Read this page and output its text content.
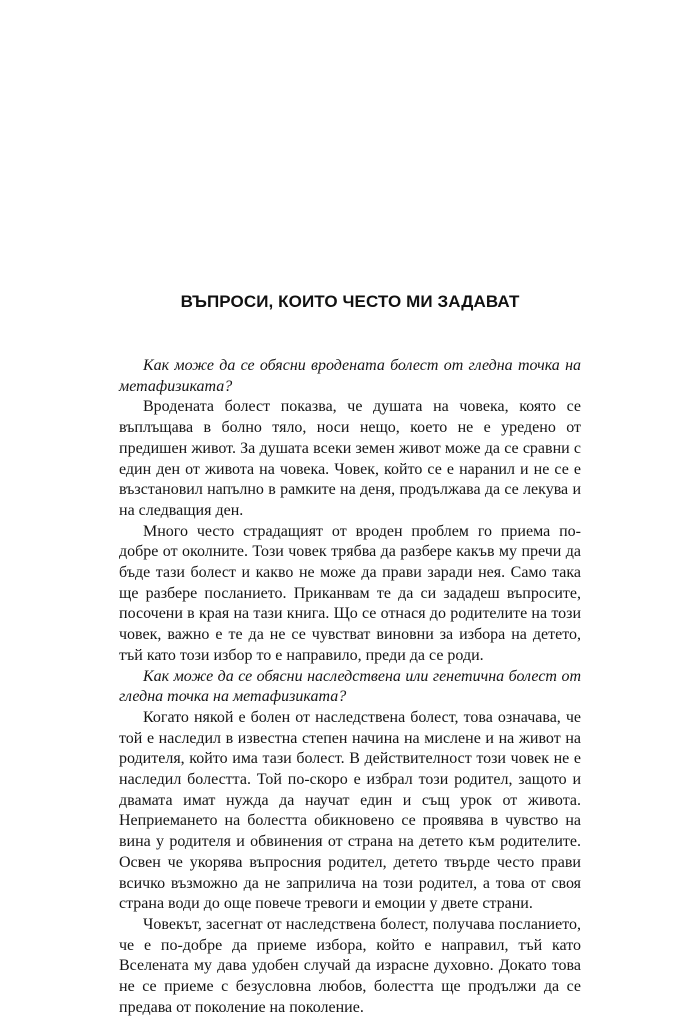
ВЪПРОСИ, КОИТО ЧЕСТО МИ ЗАДАВАТ

Как може да се обясни вродената болест от гледна точка на метафизиката?

Вродената болест показва, че душата на човека, която се въплъщава в болно тяло, носи нещо, което не е уредено от предишен живот. За душата всеки земен живот може да се сравни с един ден от живота на човека. Човек, който се е наранил и не се е възстановил напълно в рамките на деня, продължава да се лекува и на следващия ден.

Много често страдащият от вроден проблем го приема по-добре от околните. Този човек трябва да разбере какъв му пречи да бъде тази болест и какво не може да прави заради нея. Само така ще разбере посланието. Приканвам те да си зададеш въпросите, посочени в края на тази книга. Що се отнася до родителите на този човек, важно е те да не се чувстват виновни за избора на детето, тъй като този избор то е направило, преди да се роди.

Как може да се обясни наследствена или генетична болест от гледна точка на метафизиката?

Когато някой е болен от наследствена болест, това означава, че той е наследил в известна степен начина на мислене и на живот на родителя, който има тази болест. В действителност този човек не е наследил болестта. Той по-скоро е избрал този родител, защото и двамата имат нужда да научат един и същ урок от живота. Неприемането на болестта обикновено се проявява в чувство на вина у родителя и обвинения от страна на детето към родителите. Освен че укорява въпросния родител, детето твърде често прави всичко възможно да не заприлича на този родител, а това от своя страна води до още повече тревоги и емоции у двете страни.

Човекът, засегнат от наследствена болест, получава посланието, че е по-добре да приеме избора, който е направил, тъй като Вселената му дава удобен случай да израсне духовно. Докато това не се приеме с безусловна любов, болестта ще продължи да се предава от поколение на поколение.
